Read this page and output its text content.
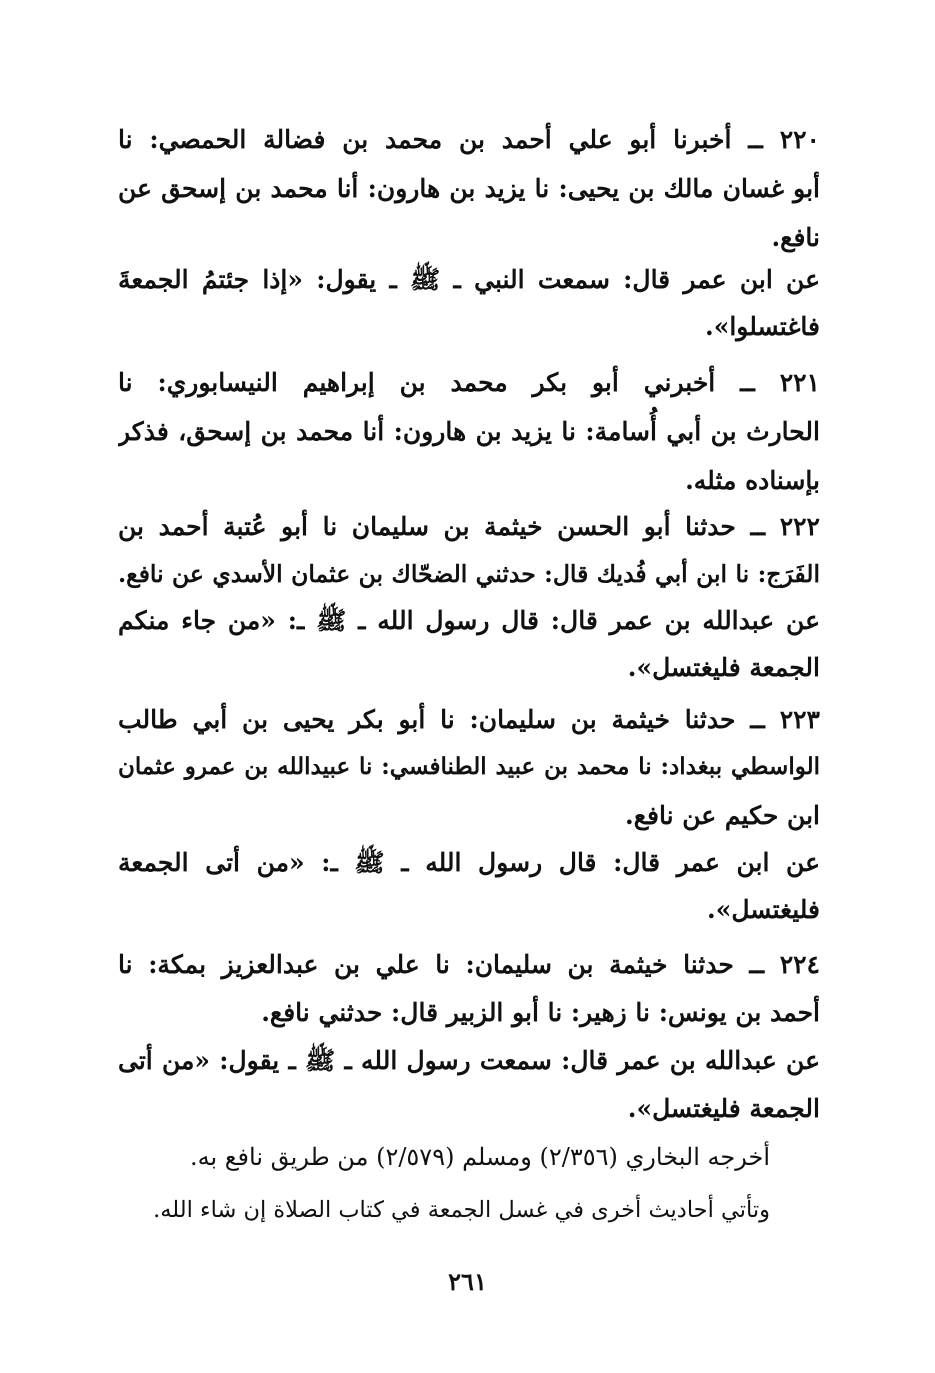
٢٢٠ ــ أخبرنا أبو علي أحمد بن محمد بن فضالة الحمصي: نا
أبو غسان مالك بن يحيى: نا يزيد بن هارون: أنا محمد بن إسحق عن
نافع.
عن ابن عمر قال: سمعت النبي ـ ﷺ ـ يقول: «إذا جئتمُ الجمعةَ
فاغتسلوا».
٢٢١ ــ أخبرني أبو بكر محمد بن إبراهيم النيسابوري: نا
الحارث بن أبي أُسامة: نا يزيد بن هارون: أنا محمد بن إسحق، فذكر
بإسناده مثله.
٢٢٢ ــ حدثنا أبو الحسن خيثمة بن سليمان نا أبو عُتبة أحمد بن
الفَرَج: نا ابن أبي فُديك قال: حدثني الضحّاك بن عثمان الأسدي عن نافع.
عن عبدالله بن عمر قال: قال رسول الله ـ ﷺ ـ: «من جاء منكم
الجمعة فليغتسل».
٢٢٣ ــ حدثنا خيثمة بن سليمان: نا أبو بكر يحيى بن أبي طالب
الواسطي ببغداد: نا محمد بن عبيد الطنافسي: نا عبيدالله بن عمرو عثمان
ابن حكيم عن نافع.
عن ابن عمر قال: قال رسول الله ـ ﷺ ـ: «من أتى الجمعة
فليغتسل».
٢٢٤ ــ حدثنا خيثمة بن سليمان: نا علي بن عبدالعزيز بمكة: نا
أحمد بن يونس: نا زهير: نا أبو الزبير قال: حدثني نافع.
عن عبدالله بن عمر قال: سمعت رسول الله ـ ﷺ ـ يقول: «من أتى
الجمعة فليغتسل».
أخرجه البخاري (٢/٣٥٦) ومسلم (٢/٥٧٩) من طريق نافع به.
وتأتي أحاديث أخرى في غسل الجمعة في كتاب الصلاة إن شاء الله.
٢٦١
